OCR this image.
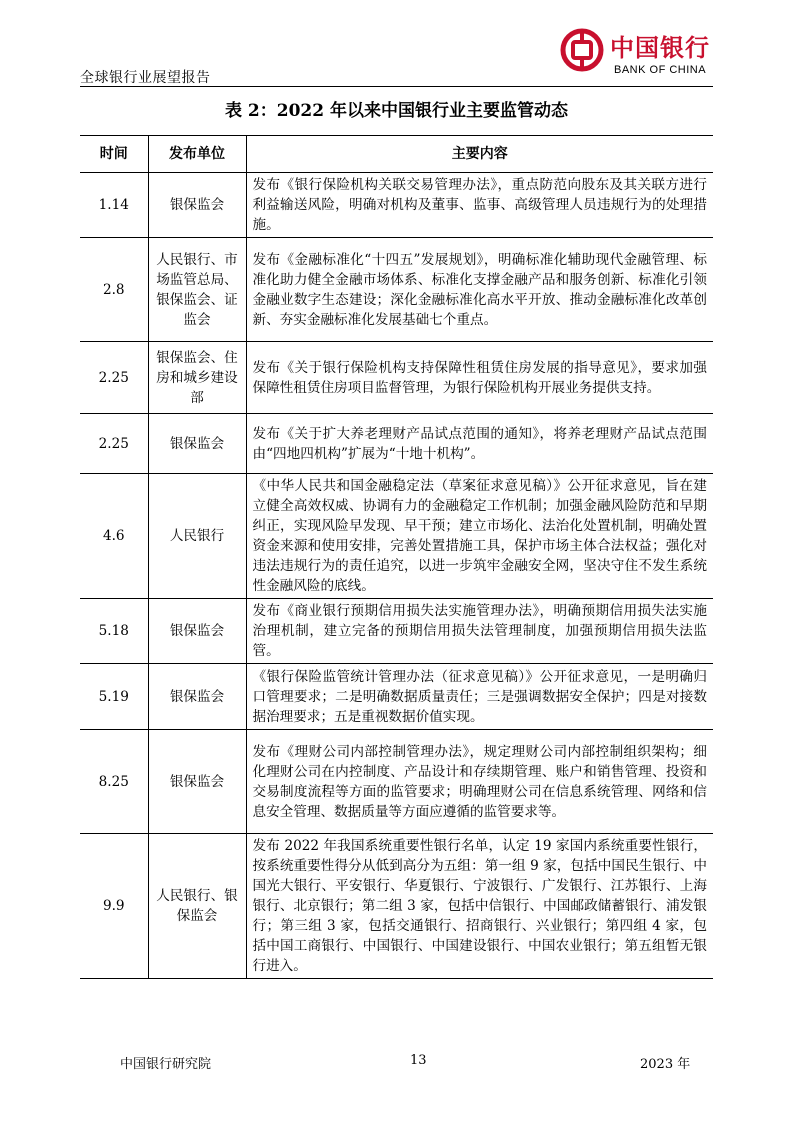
全球银行业展望报告
中国银行
BANK OF CHINA
表 2：2022 年以来中国银行业主要监管动态
时间	发布单位	主要内容
1.14	银保监会	发布《银行保险机构关联交易管理办法》，重点防范向股东及其关联方进行利益输送风险，明确对机构及董事、监事、高级管理人员违规行为的处理措施。
2.8	人民银行、市场监管总局、银保监会、证监会	发布《金融标准化“十四五”发展规划》，明确标准化辅助现代金融管理、标准化助力健全金融市场体系、标准化支撑金融产品和服务创新、标准化引领金融业数字生态建设；深化金融标准化高水平开放、推动金融标准化改革创新、夯实金融标准化发展基础七个重点。
2.25	银保监会、住房和城乡建设部	发布《关于银行保险机构支持保障性租赁住房发展的指导意见》，要求加强保障性租赁住房项目监督管理，为银行保险机构开展业务提供支持。
2.25	银保监会	发布《关于扩大养老理财产品试点范围的通知》，将养老理财产品试点范围由“四地四机构”扩展为“十地十机构”。
4.6	人民银行	《中华人民共和国金融稳定法（草案征求意见稿）》公开征求意见，旨在建立健全高效权威、协调有力的金融稳定工作机制；加强金融风险防范和早期纠正，实现风险早发现、早干预；建立市场化、法治化处置机制，明确处置资金来源和使用安排，完善处置措施工具，保护市场主体合法权益；强化对违法违规行为的责任追究，以进一步筑牢金融安全网，坚决守住不发生系统性金融风险的底线。
5.18	银保监会	发布《商业银行预期信用损失法实施管理办法》，明确预期信用损失法实施治理机制，建立完备的预期信用损失法管理制度，加强预期信用损失法监管。
5.19	银保监会	《银行保险监管统计管理办法（征求意见稿）》公开征求意见，一是明确归口管理要求；二是明确数据质量责任；三是强调数据安全保护；四是对接数据治理要求；五是重视数据价值实现。
8.25	银保监会	发布《理财公司内部控制管理办法》，规定理财公司内部控制组织架构；细化理财公司在内控制度、产品设计和存续期管理、账户和销售管理、投资和交易制度流程等方面的监管要求；明确理财公司在信息系统管理、网络和信息安全管理、数据质量等方面应遵循的监管要求等。
9.9	人民银行、银保监会	发布 2022 年我国系统重要性银行名单，认定 19 家国内系统重要性银行，按系统重要性得分从低到高分为五组：第一组 9 家，包括中国民生银行、中国光大银行、平安银行、华夏银行、宁波银行、广发银行、江苏银行、上海银行、北京银行；第二组 3 家，包括中信银行、中国邮政储蓄银行、浦发银行；第三组 3 家，包括交通银行、招商银行、兴业银行；第四组 4 家，包括中国工商银行、中国银行、中国建设银行、中国农业银行；第五组暂无银行进入。
中国银行研究院	13	2023 年
